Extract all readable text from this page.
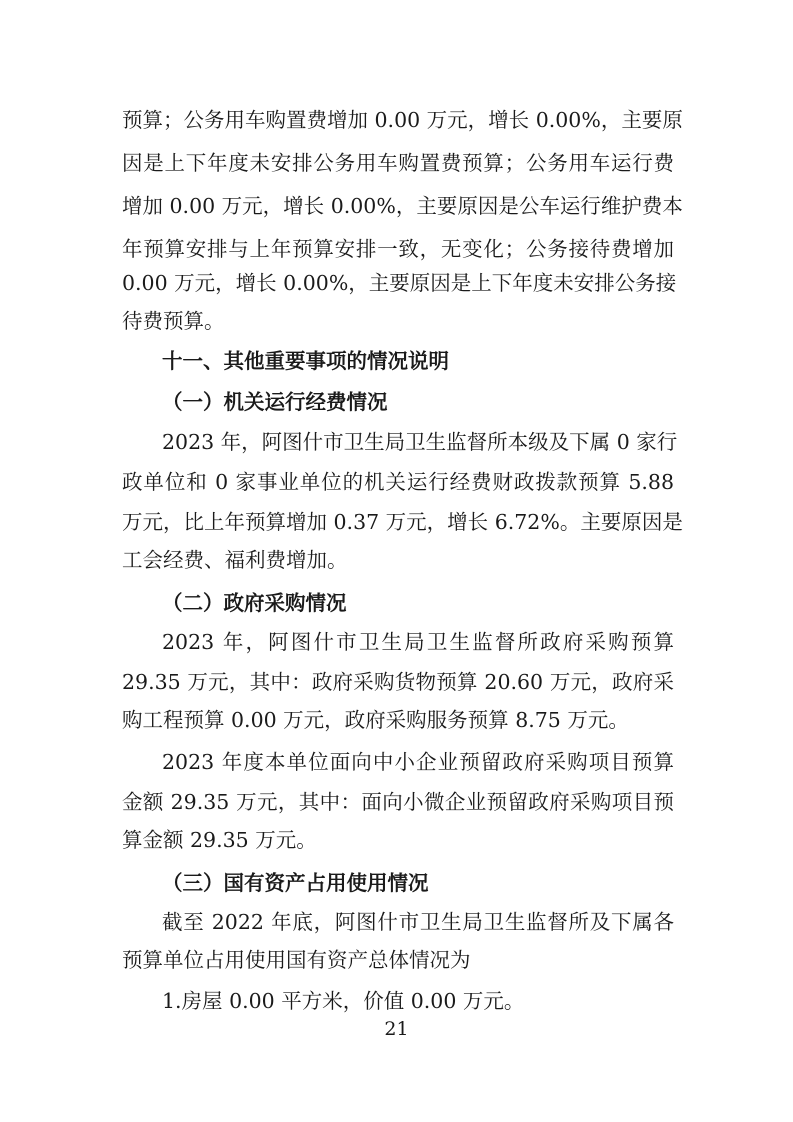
预算；公务用车购置费增加 0.00 万元，增长 0.00%，主要原
因是上下年度未安排公务用车购置费预算；公务用车运行费
增加 0.00 万元，增长 0.00%，主要原因是公车运行维护费本
年预算安排与上年预算安排一致，无变化；公务接待费增加
0.00 万元，增长 0.00%，主要原因是上下年度未安排公务接
待费预算。
十一、其他重要事项的情况说明
（一）机关运行经费情况
2023 年，阿图什市卫生局卫生监督所本级及下属 0 家行
政单位和 0 家事业单位的机关运行经费财政拨款预算 5.88
万元，比上年预算增加 0.37 万元，增长 6.72%。主要原因是
工会经费、福利费增加。
（二）政府采购情况
2023 年，阿图什市卫生局卫生监督所政府采购预算
29.35 万元，其中：政府采购货物预算 20.60 万元，政府采
购工程预算 0.00 万元，政府采购服务预算 8.75 万元。
2023 年度本单位面向中小企业预留政府采购项目预算
金额 29.35 万元，其中：面向小微企业预留政府采购项目预
算金额 29.35 万元。
（三）国有资产占用使用情况
截至 2022 年底，阿图什市卫生局卫生监督所及下属各
预算单位占用使用国有资产总体情况为
1.房屋 0.00 平方米，价值 0.00 万元。
21
